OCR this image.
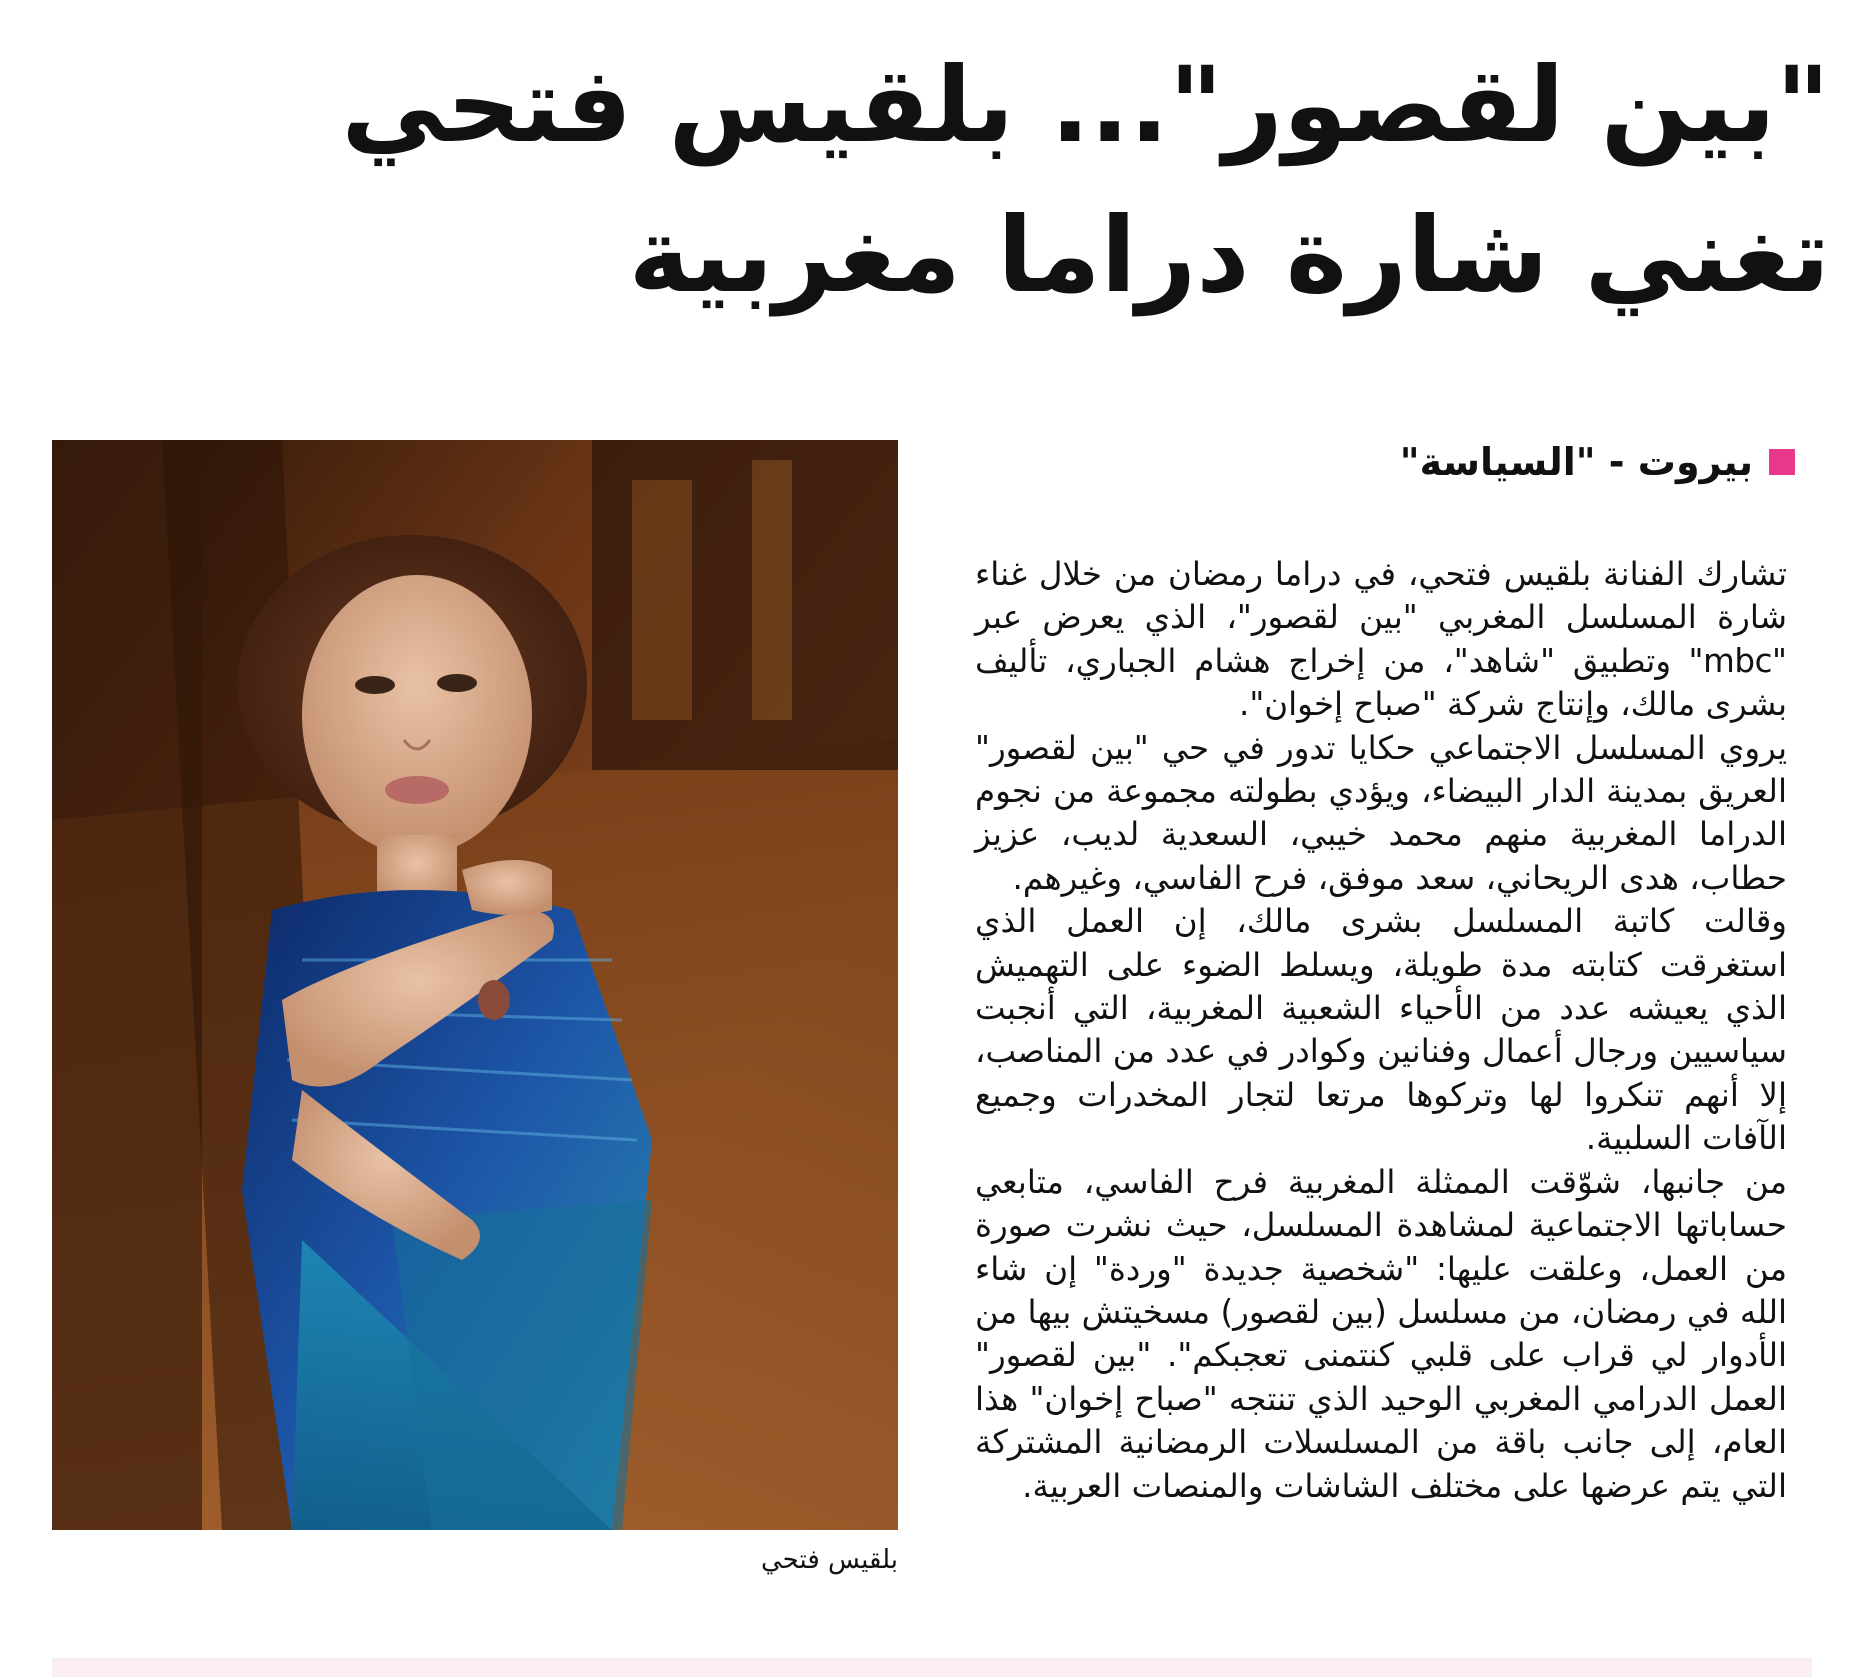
"بين لقصور"... بلقيس فتحي
تغني شارة دراما مغربية
بيروت - "السياسة"
بلقيس فتحي

تشارك الفنانة بلقيس فتحي، في دراما رمضان من خلال غناء شارة المسلسل المغربي "بين لقصور"، الذي يعرض عبر "mbc" وتطبيق "شاهد"، من إخراج هشام الجباري، تأليف بشرى مالك، وإنتاج شركة "صباح إخوان".

يروي المسلسل الاجتماعي حكايا تدور في حي "بين لقصور" العريق بمدينة الدار البيضاء، ويؤدي بطولته مجموعة من نجوم الدراما المغربية منهم محمد خيبي، السعدية لديب، عزيز حطاب، هدى الريحاني، سعد موفق، فرح الفاسي، وغيرهم.

وقالت كاتبة المسلسل بشرى مالك، إن العمل الذي استغرقت كتابته مدة طويلة، ويسلط الضوء على التهميش الذي يعيشه عدد من الأحياء الشعبية المغربية، التي أنجبت سياسيين ورجال أعمال وفنانين وكوادر في عدد من المناصب، إلا أنهم تنكروا لها وتركوها مرتعا لتجار المخدرات وجميع الآفات السلبية.

من جانبها، شوّقت الممثلة المغربية فرح الفاسي، متابعي حساباتها الاجتماعية لمشاهدة المسلسل، حيث نشرت صورة من العمل، وعلقت عليها: "شخصية جديدة "وردة" إن شاء الله في رمضان، من مسلسل (بين لقصور) مسخيتش بيها من الأدوار لي قراب على قلبي كنتمنى تعجبكم". "بين لقصور" العمل الدرامي المغربي الوحيد الذي تنتجه "صباح إخوان" هذا العام، إلى جانب باقة من المسلسلات الرمضانية المشتركة التي يتم عرضها على مختلف الشاشات والمنصات العربية.
